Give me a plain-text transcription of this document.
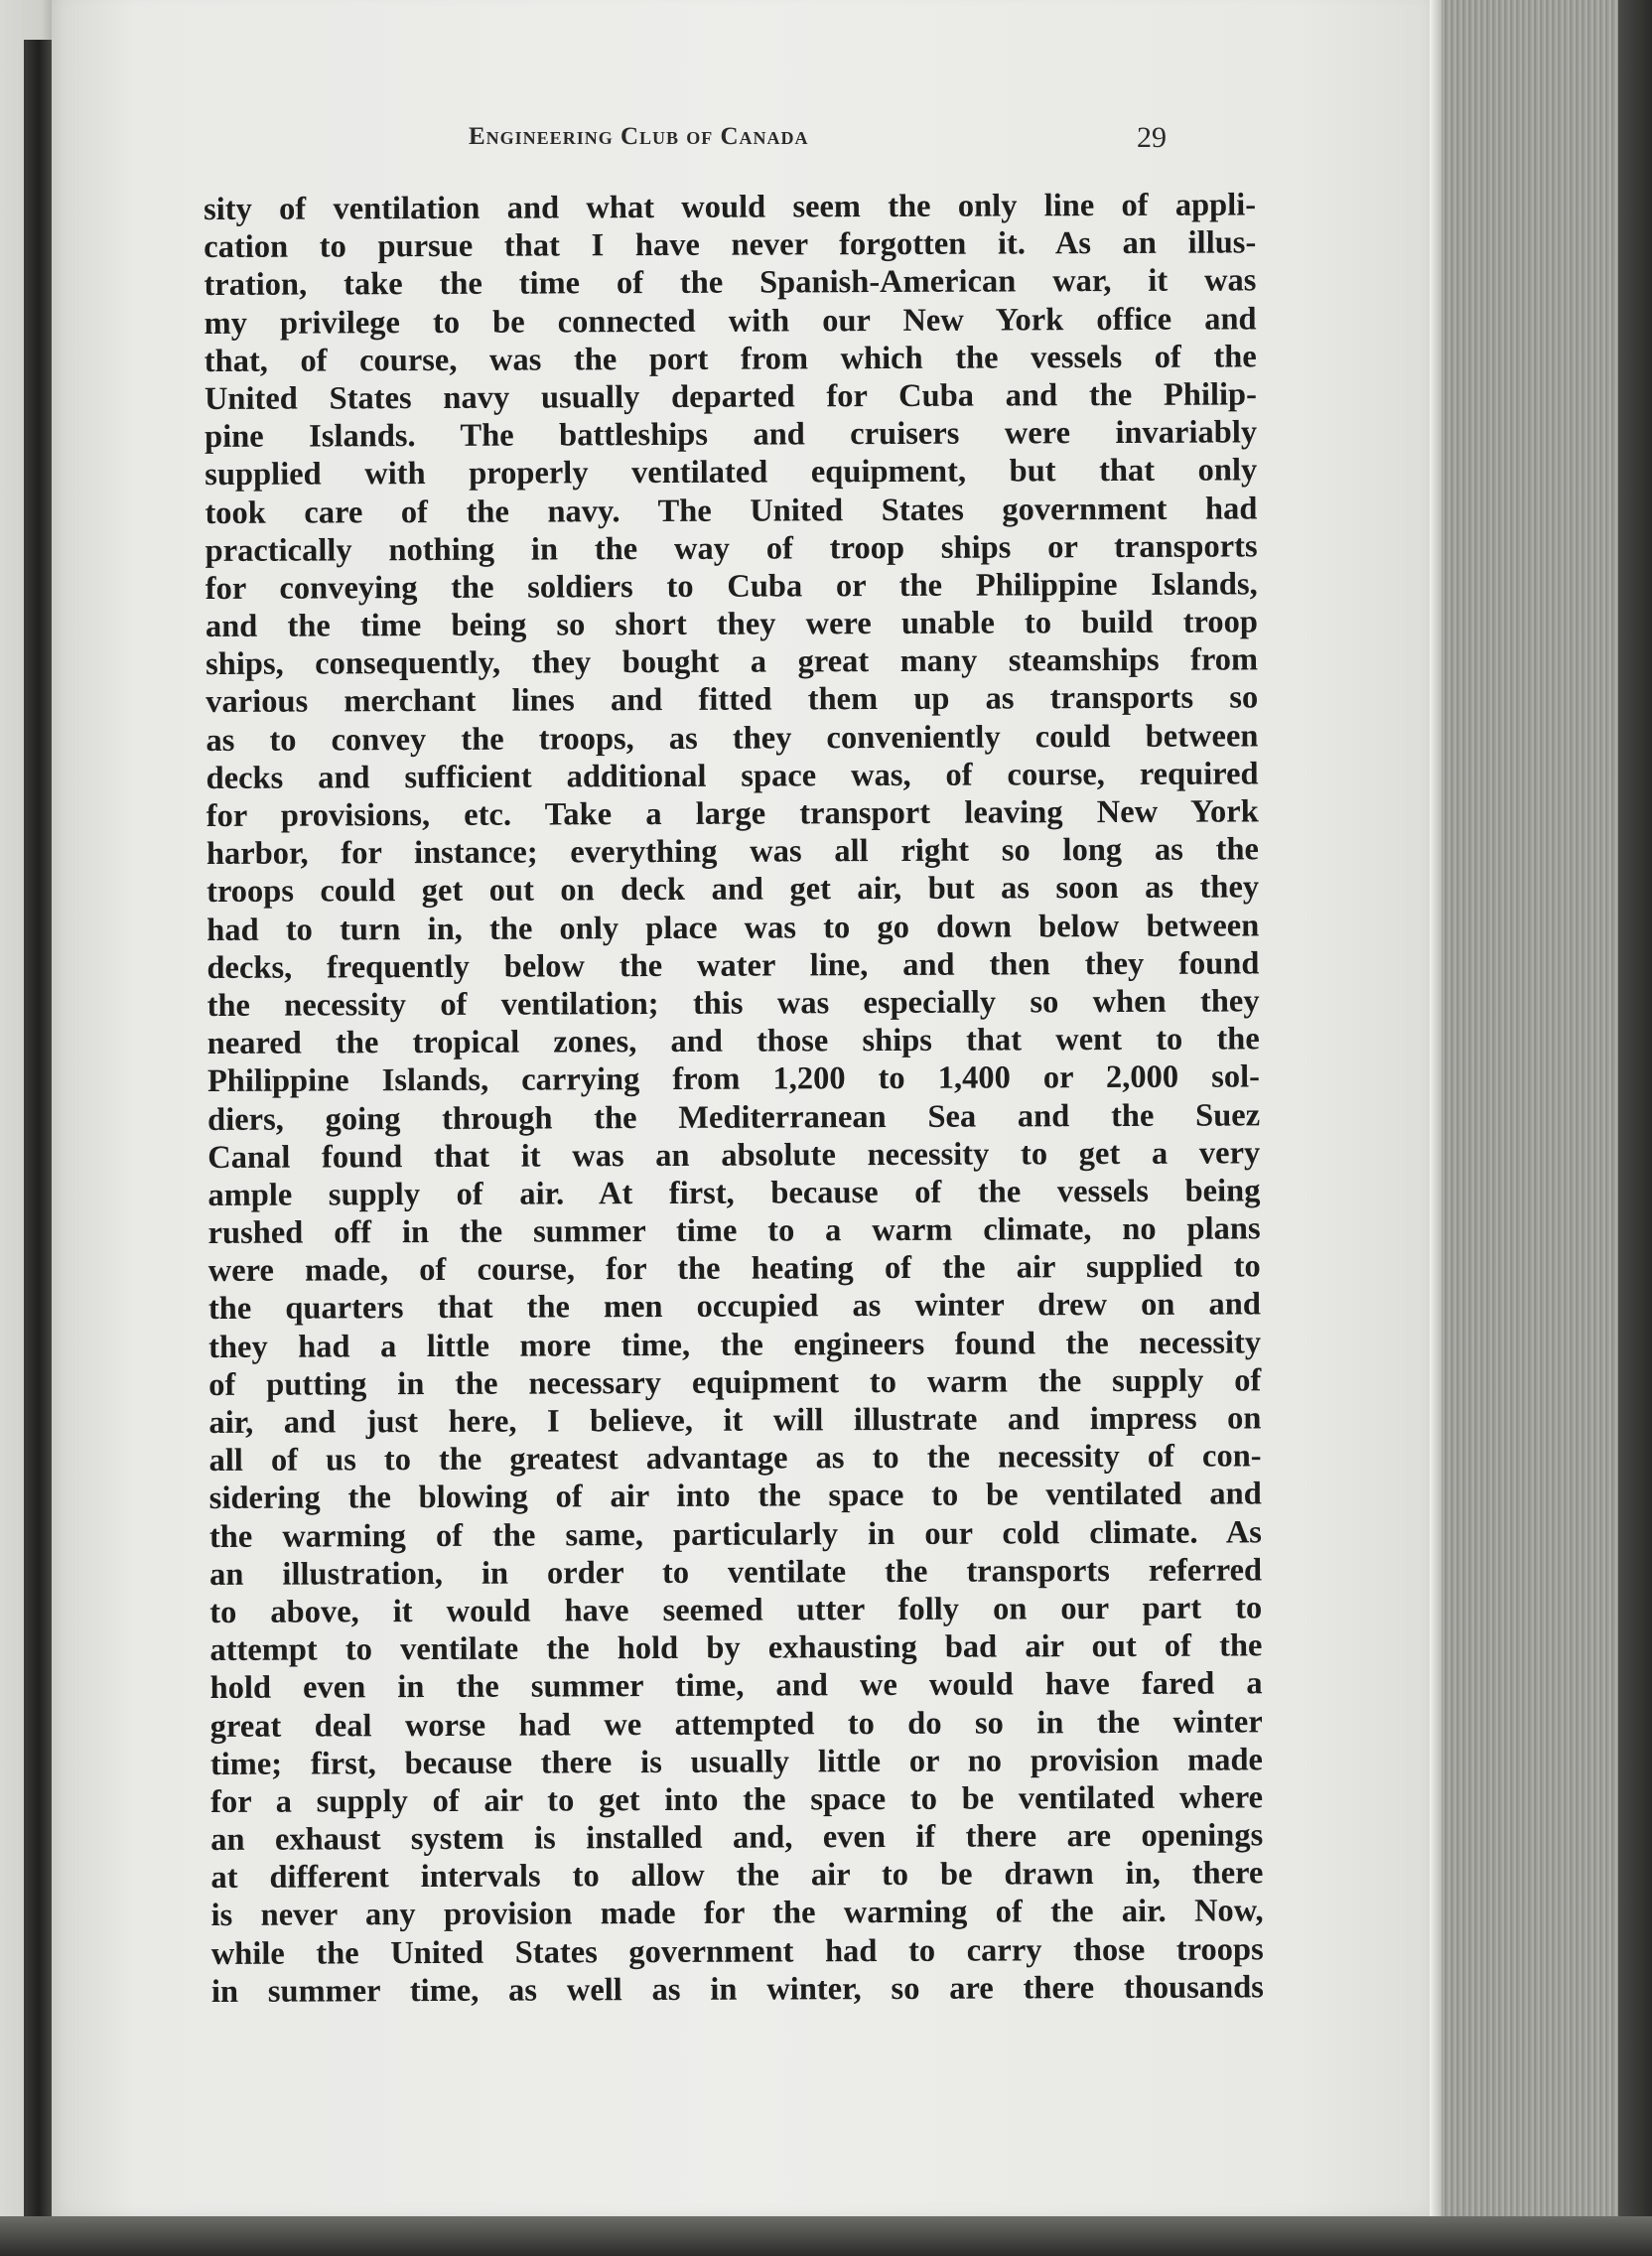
Engineering Club of Canada	29
sity of ventilation and what would seem the only line of appli-
cation to pursue that I have never forgotten it. As an illus-
tration, take the time of the Spanish-American war, it was
my privilege to be connected with our New York office and
that, of course, was the port from which the vessels of the
United States navy usually departed for Cuba and the Philip-
pine Islands. The battleships and cruisers were invariably
supplied with properly ventilated equipment, but that only
took care of the navy. The United States government had
practically nothing in the way of troop ships or transports
for conveying the soldiers to Cuba or the Philippine Islands,
and the time being so short they were unable to build troop
ships, consequently, they bought a great many steamships from
various merchant lines and fitted them up as transports so
as to convey the troops, as they conveniently could between
decks and sufficient additional space was, of course, required
for provisions, etc. Take a large transport leaving New York
harbor, for instance; everything was all right so long as the
troops could get out on deck and get air, but as soon as they
had to turn in, the only place was to go down below between
decks, frequently below the water line, and then they found
the necessity of ventilation; this was especially so when they
neared the tropical zones, and those ships that went to the
Philippine Islands, carrying from 1,200 to 1,400 or 2,000 sol-
diers, going through the Mediterranean Sea and the Suez
Canal found that it was an absolute necessity to get a very
ample supply of air. At first, because of the vessels being
rushed off in the summer time to a warm climate, no plans
were made, of course, for the heating of the air supplied to
the quarters that the men occupied as winter drew on and
they had a little more time, the engineers found the necessity
of putting in the necessary equipment to warm the supply of
air, and just here, I believe, it will illustrate and impress on
all of us to the greatest advantage as to the necessity of con-
sidering the blowing of air into the space to be ventilated and
the warming of the same, particularly in our cold climate. As
an illustration, in order to ventilate the transports referred
to above, it would have seemed utter folly on our part to
attempt to ventilate the hold by exhausting bad air out of the
hold even in the summer time, and we would have fared a
great deal worse had we attempted to do so in the winter
time; first, because there is usually little or no provision made
for a supply of air to get into the space to be ventilated where
an exhaust system is installed and, even if there are openings
at different intervals to allow the air to be drawn in, there
is never any provision made for the warming of the air. Now,
while the United States government had to carry those troops
in summer time, as well as in winter, so are there thousands
